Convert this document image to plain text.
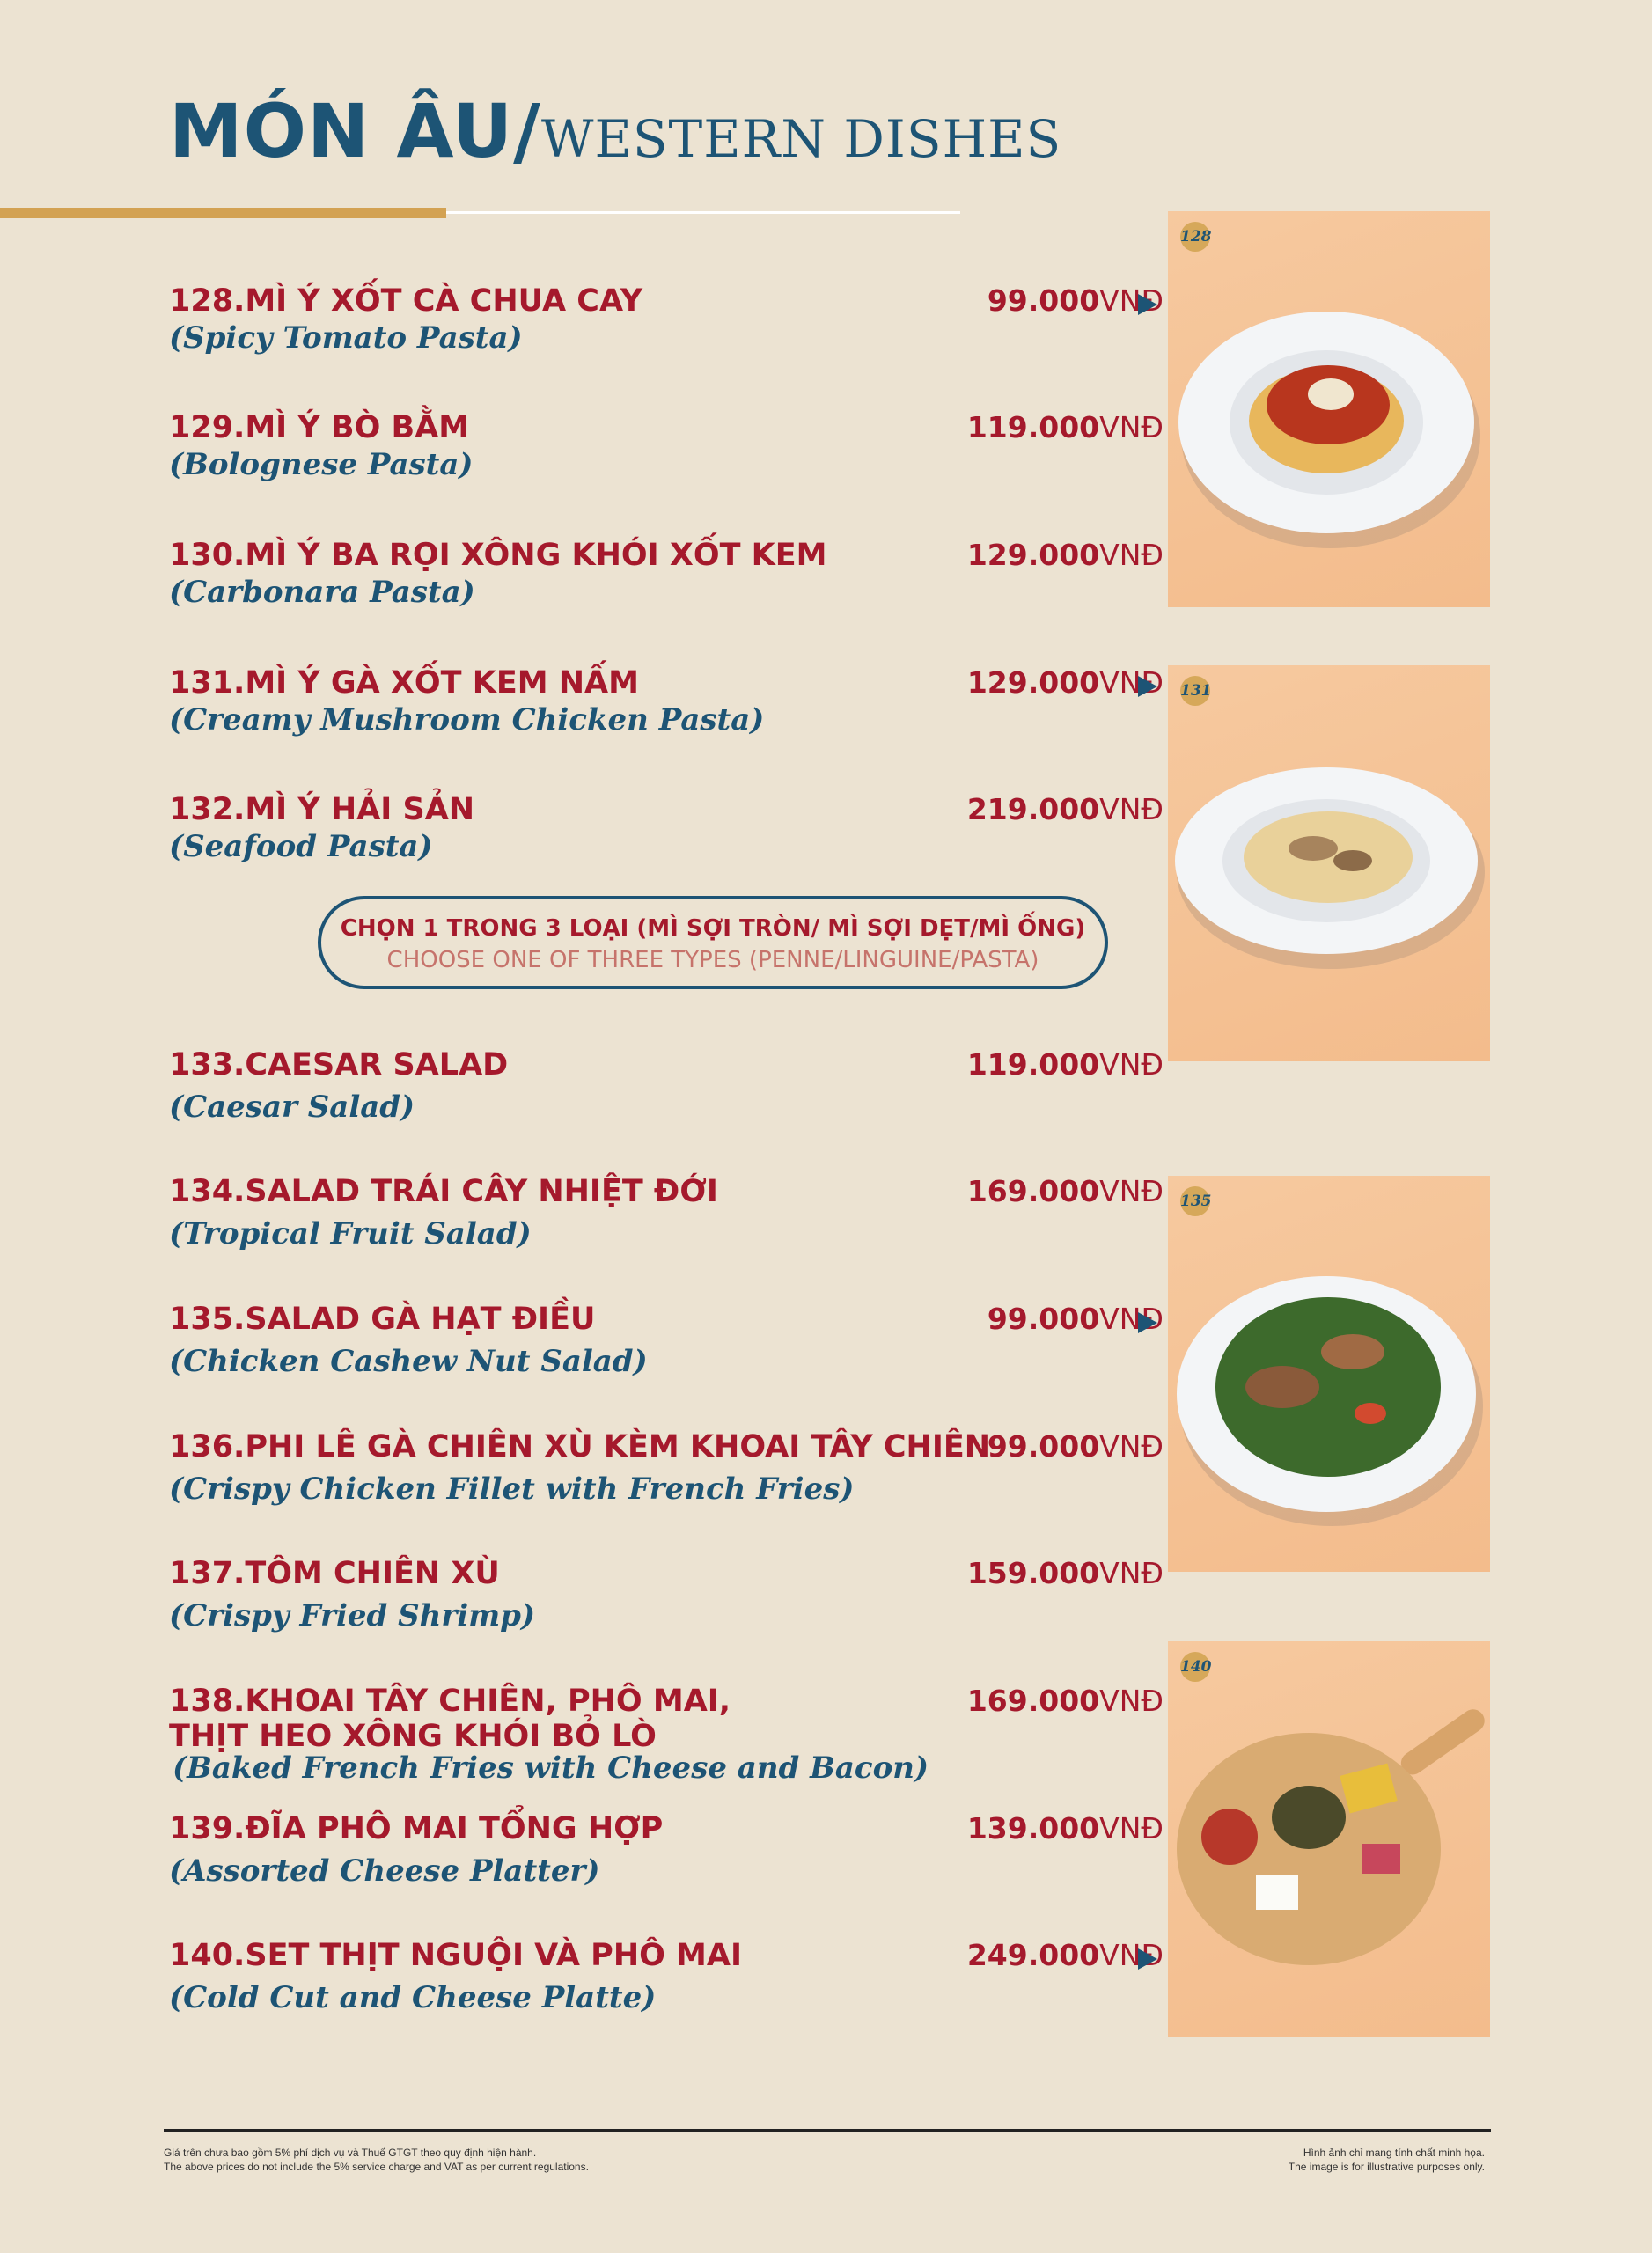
MÓN ÂU/WESTERN DISHES
128.MÌ Ý XỐT CÀ CHUA CAY
(Spicy Tomato Pasta)
99.000VNĐ
129.MÌ Ý BÒ BẰM
(Bolognese Pasta)
119.000VNĐ
130.MÌ Ý BA RỌI XÔNG KHÓI XỐT KEM
(Carbonara Pasta)
129.000VNĐ
131.MÌ Ý GÀ XỐT KEM NẤM
(Creamy Mushroom Chicken Pasta)
129.000VNĐ
132.MÌ Ý HẢI SẢN
(Seafood Pasta)
219.000VNĐ
CHỌN 1 TRONG 3 LOẠI (MÌ SỢI TRÒN/ MÌ SỢI DẸT/MÌ ỐNG)
CHOOSE ONE OF THREE TYPES (PENNE/LINGUINE/PASTA)
133.CAESAR SALAD
(Caesar Salad)
119.000VNĐ
134.SALAD TRÁI CÂY NHIỆT ĐỚI
(Tropical Fruit Salad)
169.000VNĐ
135.SALAD GÀ HẠT ĐIỀU
(Chicken Cashew Nut Salad)
99.000VNĐ
136.PHI LÊ GÀ CHIÊN XÙ KÈM KHOAI TÂY CHIÊN
(Crispy Chicken Fillet with French Fries)
99.000VNĐ
137.TÔM CHIÊN XÙ
(Crispy Fried Shrimp)
159.000VNĐ
138.KHOAI TÂY CHIÊN, PHÔ MAI,
THỊT HEO XÔNG KHÓI BỎ LÒ
(Baked French Fries with Cheese and Bacon)
169.000VNĐ
139.ĐĨA PHÔ MAI TỔNG HỢP
(Assorted Cheese Platter)
139.000VNĐ
140.SET THỊT NGUỘI VÀ PHÔ MAI
(Cold Cut and Cheese Platte)
249.000VNĐ
128
131
135
140
Giá trên chưa bao gồm 5% phí dịch vụ và Thuế GTGT theo quy định hiện hành.
The above prices do not include the 5% service charge and VAT as per current regulations.
Hình ảnh chỉ mang tính chất minh họa.
The image is for illustrative purposes only.
